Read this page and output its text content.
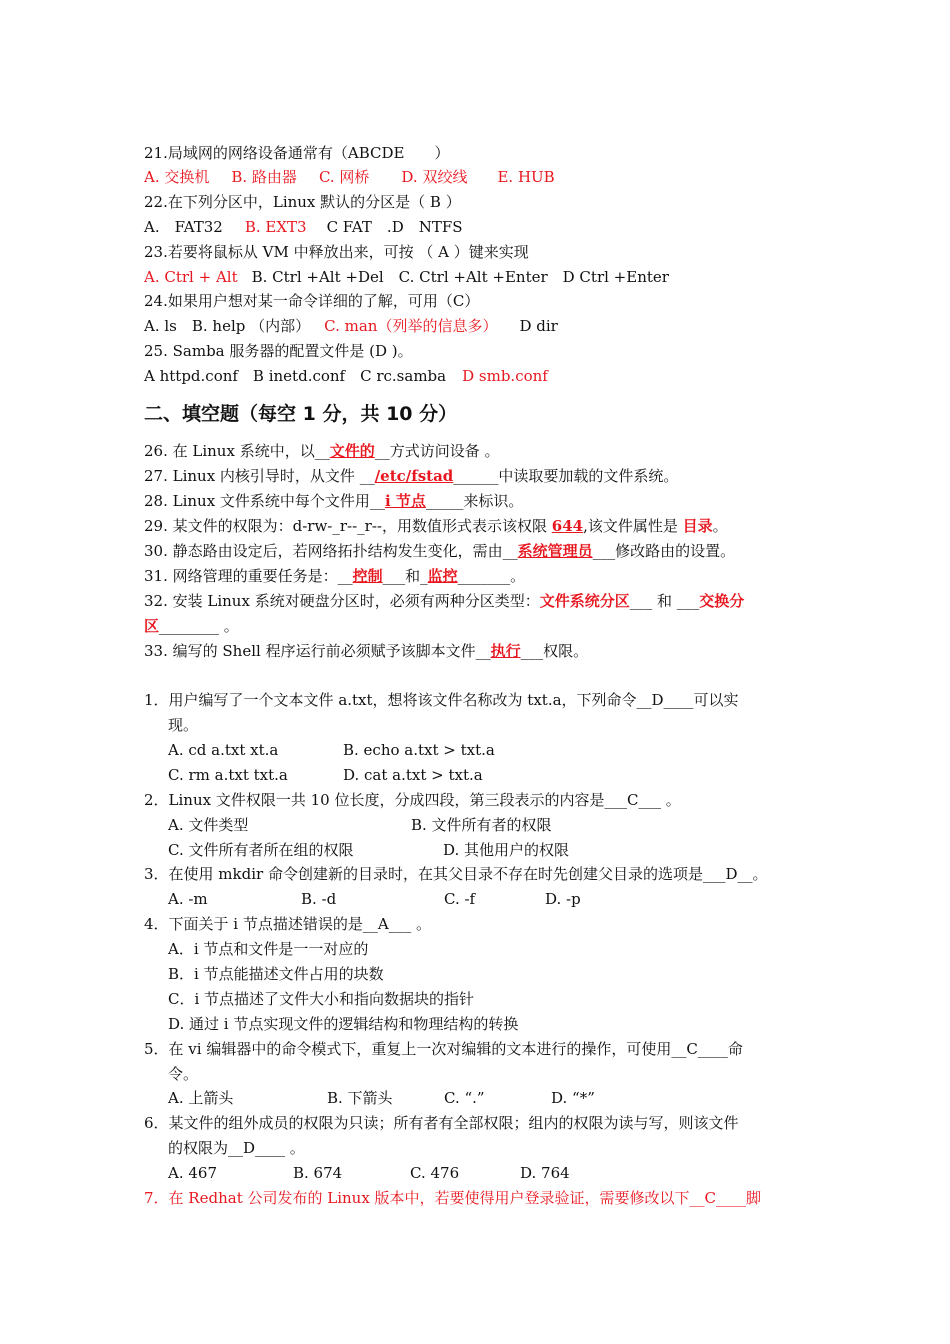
21.局域网的网络设备通常有（ABCDE　　）
A. 交换机 B. 路由器 C. 网桥 D. 双绞线 E. HUB
22.在下列分区中，Linux 默认的分区是（ B ）
A.　FAT32 B. EXT3 C FAT　.D　NTFS
23.若要将鼠标从 VM 中释放出来，可按 （ A ）键来实现
A. Ctrl + Alt B. Ctrl +Alt +Del　C. Ctrl +Alt +Enter　D Ctrl +Enter
24.如果用户想对某一命令详细的了解，可用（C）
A. ls　B. help （内部） C. man（列举的信息多） D dir
25. Samba 服务器的配置文件是 (D )。
A httpd.conf　B inetd.conf　C rc.samba D smb.conf
二、填空题（每空 1 分，共 10 分）
26. 在 Linux 系统中，以__文件的__方式访问设备 。
27. Linux 内核引导时，从文件 __/etc/fstad______中读取要加载的文件系统。
28. Linux 文件系统中每个文件用__i 节点_____来标识。
29. 某文件的权限为：d-rw-_r--_r--，用数值形式表示该权限 644,该文件属性是 目录。
30. 静态路由设定后，若网络拓扑结构发生变化，需由__系统管理员___修改路由的设置。
31. 网络管理的重要任务是：__控制___和_监控_______。
32. 安装 Linux 系统对硬盘分区时，必须有两种分区类型：文件系统分区___ 和 ___交换分
区________ 。
33. 编写的 Shell 程序运行前必须赋予该脚本文件__执行___权限。
1．用户编写了一个文本文件 a.txt，想将该文件名称改为 txt.a，下列命令__D____可以实
现。
A. cd a.txt xt.a	B. echo a.txt > txt.a
C. rm a.txt txt.a	D. cat a.txt > txt.a
2．Linux 文件权限一共 10 位长度，分成四段，第三段表示的内容是___C___ 。
A. 文件类型	B. 文件所有者的权限
C. 文件所有者所在组的权限	D. 其他用户的权限
3．在使用 mkdir 命令创建新的目录时，在其父目录不存在时先创建父目录的选项是___D__。
A. -m	B. -d	C. -f	D. -p
4．下面关于 i 节点描述错误的是__A___ 。
A．i 节点和文件是一一对应的
B．i 节点能描述文件占用的块数
C．i 节点描述了文件大小和指向数据块的指针
D. 通过 i 节点实现文件的逻辑结构和物理结构的转换
5．在 vi 编辑器中的命令模式下，重复上一次对编辑的文本进行的操作，可使用__C____命
令。
A. 上箭头	B. 下箭头	C. “.”	D. “*”
6．某文件的组外成员的权限为只读；所有者有全部权限；组内的权限为读与写，则该文件
的权限为__D____ 。
A. 467	B. 674	C. 476	D. 764
7．在 Redhat 公司发布的 Linux 版本中，若要使得用户登录验证，需要修改以下__C____脚
